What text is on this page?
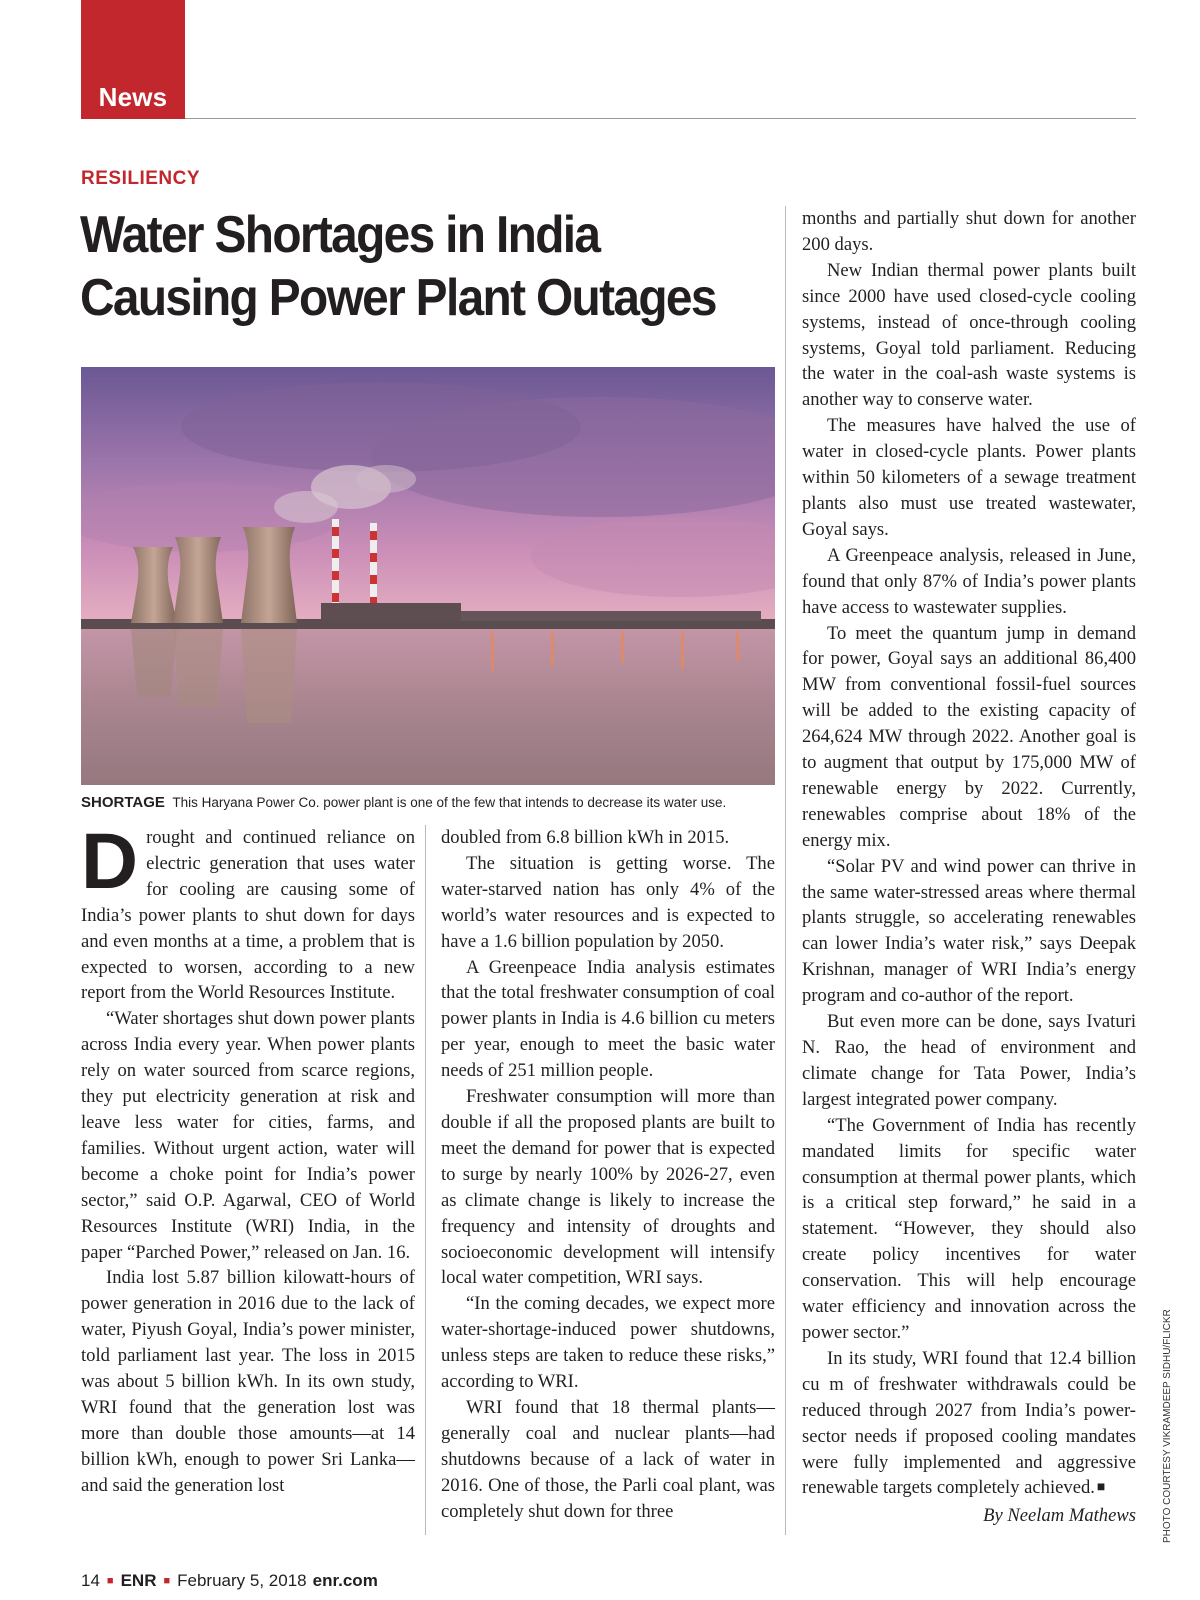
News
RESILIENCY
Water Shortages in India
Causing Power Plant Outages
PHOTO COURTESY VIKRAMDEEP SIDHU/FLICKR
SHORTAGE This Haryana Power Co. power plant is one of the few that intends to decrease its water use.

Drought and continued reliance on electric generation that uses water for cooling are causing some of India’s power plants to shut down for days and even months at a time, a problem that is expected to worsen, according to a new report from the World Resources Institute.

“Water shortages shut down power plants across India every year. When power plants rely on water sourced from scarce regions, they put electricity generation at risk and leave less water for cities, farms, and families. Without urgent action, water will become a choke point for India’s power sector,” said O.P. Agarwal, CEO of World Resources Institute (WRI) India, in the paper “Parched Power,” released on Jan. 16.

India lost 5.87 billion kilowatt-hours of power generation in 2016 due to the lack of water, Piyush Goyal, India’s power minister, told parliament last year. The loss in 2015 was about 5 billion kWh. In its own study, WRI found that the generation lost was more than double those amounts—at 14 billion kWh, enough to power Sri Lanka—and said the generation lost

doubled from 6.8 billion kWh in 2015.

The situation is getting worse. The water-starved nation has only 4% of the world’s water resources and is expected to have a 1.6 billion population by 2050.

A Greenpeace India analysis estimates that the total freshwater consumption of coal power plants in India is 4.6 billion cu meters per year, enough to meet the basic water needs of 251 million people.

Freshwater consumption will more than double if all the proposed plants are built to meet the demand for power that is expected to surge by nearly 100% by 2026-27, even as climate change is likely to increase the frequency and intensity of droughts and socioeconomic development will intensify local water competition, WRI says.

“In the coming decades, we expect more water-shortage-induced power shutdowns, unless steps are taken to reduce these risks,” according to WRI.

WRI found that 18 thermal plants—generally coal and nuclear plants—had shutdowns because of a lack of water in 2016. One of those, the Parli coal plant, was completely shut down for three

months and partially shut down for another 200 days.

New Indian thermal power plants built since 2000 have used closed-cycle cooling systems, instead of once-through cooling systems, Goyal told parliament. Reducing the water in the coal-ash waste systems is another way to conserve water.

The measures have halved the use of water in closed-cycle plants. Power plants within 50 kilometers of a sewage treatment plants also must use treated wastewater, Goyal says.

A Greenpeace analysis, released in June, found that only 87% of India’s power plants have access to wastewater supplies.

To meet the quantum jump in demand for power, Goyal says an additional 86,400 MW from conventional fossil-fuel sources will be added to the existing capacity of 264,624 MW through 2022. Another goal is to augment that output by 175,000 MW of renewable energy by 2022. Currently, renewables comprise about 18% of the energy mix.

“Solar PV and wind power can thrive in the same water-stressed areas where thermal plants struggle, so accelerating renewables can lower India’s water risk,” says Deepak Krishnan, manager of WRI India’s energy program and co-author of the report.

But even more can be done, says Ivaturi N. Rao, the head of environment and climate change for Tata Power, India’s largest integrated power company.

“The Government of India has recently mandated limits for specific water consumption at thermal power plants, which is a critical step forward,” he said in a statement. “However, they should also create policy incentives for water conservation. This will help encourage water efficiency and innovation across the power sector.”

In its study, WRI found that 12.4 billion cu m of freshwater withdrawals could be reduced through 2027 from India’s power-sector needs if proposed cooling mandates were fully implemented and aggressive renewable targets completely achieved. ■

By Neelam Mathews
14 ■ ENR ■ February 5, 2018 enr.com
